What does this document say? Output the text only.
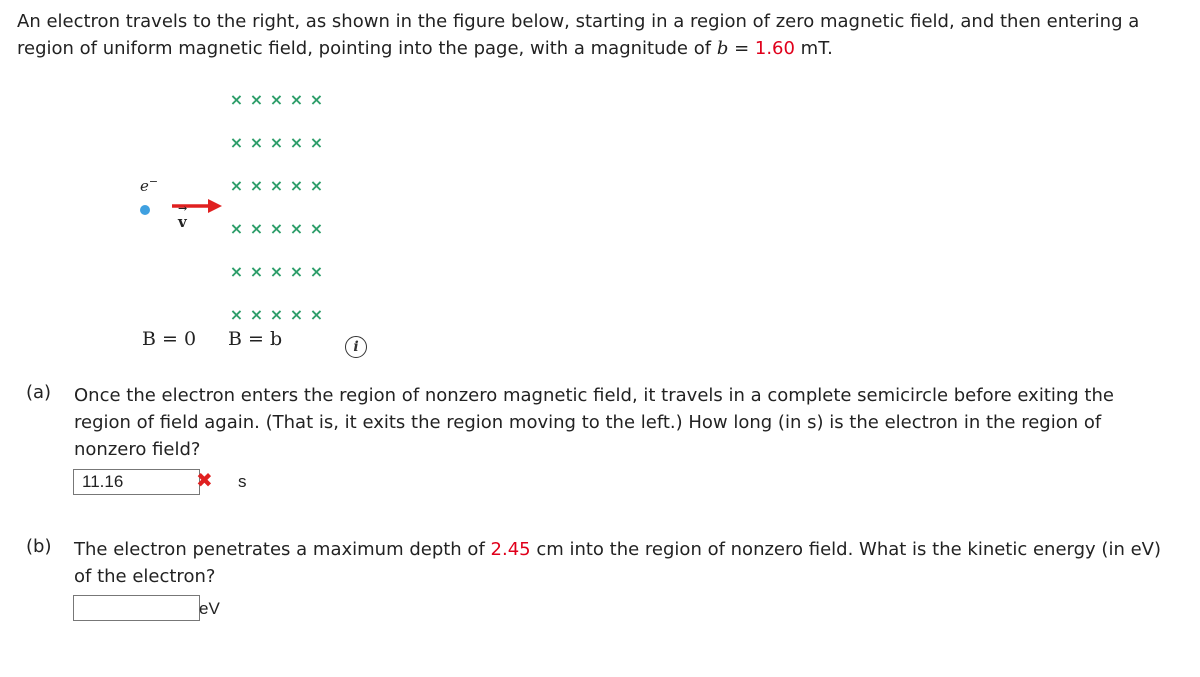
An electron travels to the right, as shown in the figure below, starting in a region of zero magnetic field, and then entering a region of uniform magnetic field, pointing into the page, with a magnitude of b = 1.60 mT.
× × × × ×
× × × × ×
× × × × ×
× × × × ×
× × × × ×
× × × × ×
e−
→
v
B = 0 B = b	i
(a) Once the electron enters the region of nonzero magnetic field, it travels in a complete semicircle before exiting the region of field again. (That is, it exits the region moving to the left.) How long (in s) is the electron in the region of nonzero field?
11.16	✖ s
(b) The electron penetrates a maximum depth of 2.45 cm into the region of nonzero field. What is the kinetic energy (in eV) of the electron?
eV
